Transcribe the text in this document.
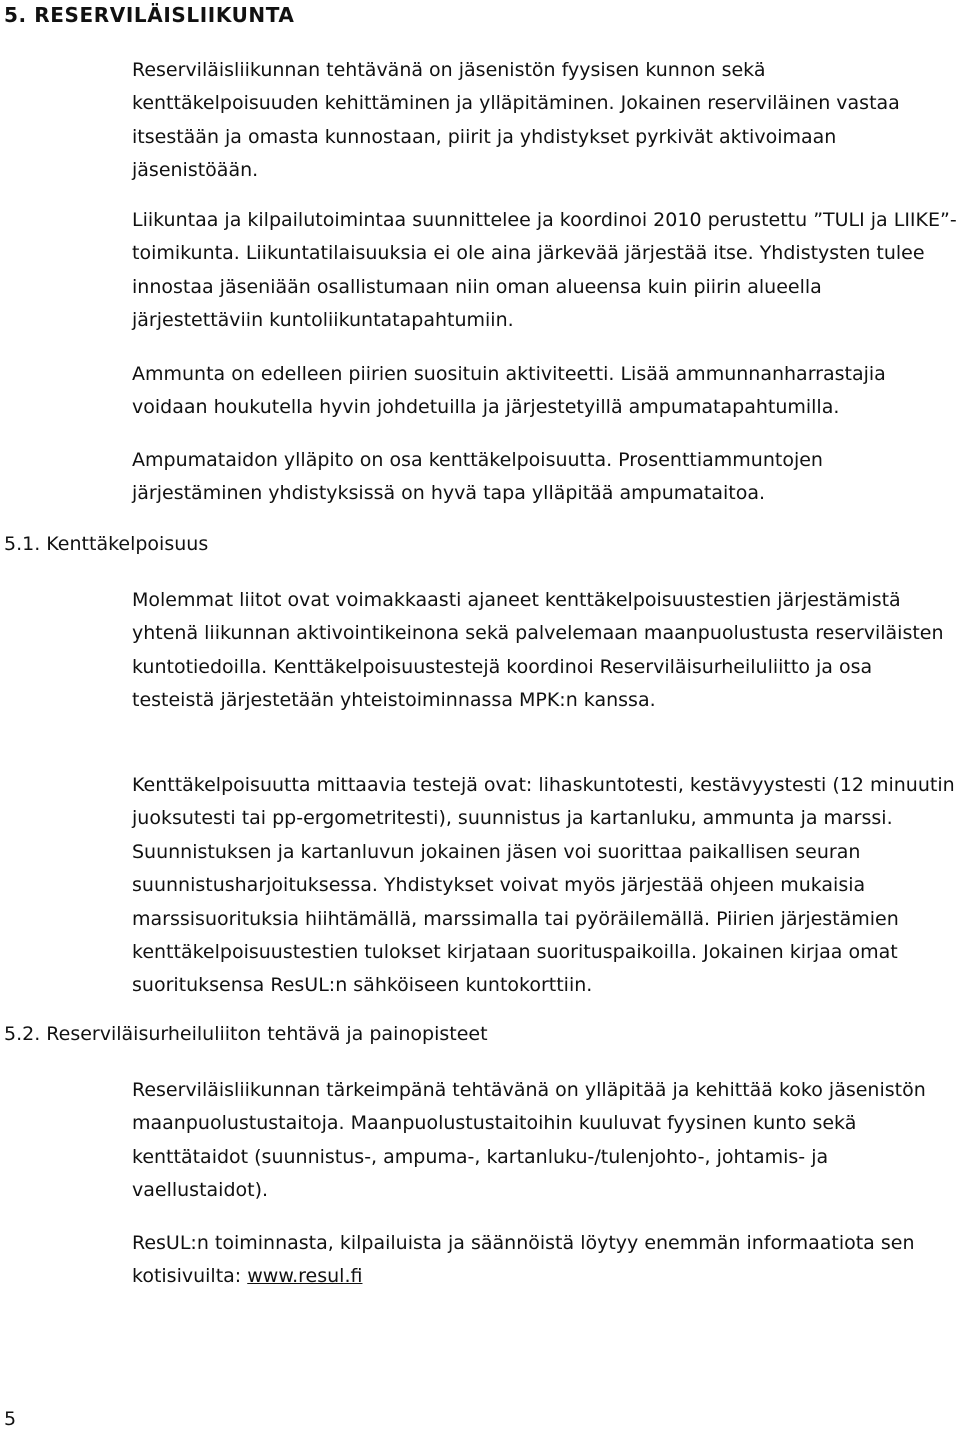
5. RESERVILÄISLIIKUNTA

Reserviläisliikunnan tehtävänä on jäsenistön fyysisen kunnon sekä kenttäkelpoisuuden kehittäminen ja ylläpitäminen. Jokainen reserviläinen vastaa itsestään ja omasta kunnostaan, piirit ja yhdistykset pyrkivät aktivoimaan jäsenistöään.

Liikuntaa ja kilpailutoimintaa suunnittelee ja koordinoi 2010 perustettu ”TULI ja LIIKE”-toimikunta. Liikuntatilaisuuksia ei ole aina järkevää järjestää itse. Yhdistysten tulee innostaa jäseniään osallistumaan niin oman alueensa kuin piirin alueella järjestettäviin kuntoliikuntatapahtumiin.

Ammunta on edelleen piirien suosituin aktiviteetti. Lisää ammunnanharrastajia voidaan houkutella hyvin johdetuilla ja järjestetyillä ampumatapahtumilla.

Ampumataidon ylläpito on osa kenttäkelpoisuutta. Prosenttiammuntojen järjestäminen yhdistyksissä on hyvä tapa ylläpitää ampumataitoa.

5.1. Kenttäkelpoisuus

Molemmat liitot ovat voimakkaasti ajaneet kenttäkelpoisuustestien järjestämistä yhtenä liikunnan aktivointikeinona sekä palvelemaan maanpuolustusta reserviläisten kuntotiedoilla. Kenttäkelpoisuustestejä koordinoi Reserviläisurheiluliitto ja osa testeistä järjestetään yhteistoiminnassa MPK:n kanssa.

Kenttäkelpoisuutta mittaavia testejä ovat: lihaskuntotesti, kestävyystesti (12 minuutin juoksutesti tai pp-ergometritesti), suunnistus ja kartanluku, ammunta ja marssi. Suunnistuksen ja kartanluvun jokainen jäsen voi suorittaa paikallisen seuran suunnistusharjoituksessa. Yhdistykset voivat myös järjestää ohjeen mukaisia marssisuorituksia hiihtämällä, marssimalla tai pyöräilemällä. Piirien järjestämien kenttäkelpoisuustestien tulokset kirjataan suorituspaikoilla. Jokainen kirjaa omat suorituksensa ResUL:n sähköiseen kuntokorttiin.

5.2. Reserviläisurheiluliiton tehtävä ja painopisteet

Reserviläisliikunnan tärkeimpänä tehtävänä on ylläpitää ja kehittää koko jäsenistön maanpuolustustaitoja. Maanpuolustustaitoihin kuuluvat fyysinen kunto sekä kenttätaidot (suunnistus-, ampuma-, kartanluku-/tulenjohto-, johtamis- ja vaellustaidot).

ResUL:n toiminnasta, kilpailuista ja säännöistä löytyy enemmän informaatiota sen kotisivuilta: www.resul.fi

5
